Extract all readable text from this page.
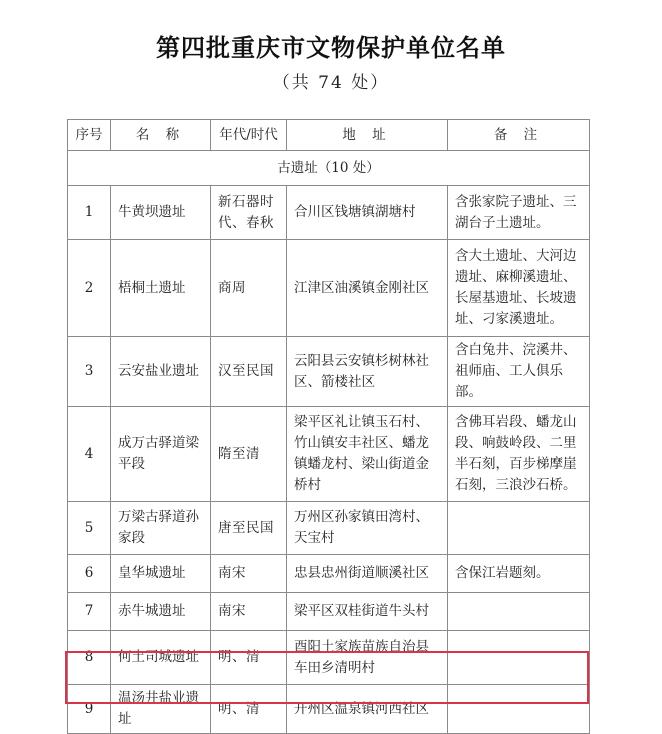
第四批重庆市文物保护单位名单
（共 74 处）
序号	名 称	年代/时代	地 址	备 注
古遗址（10 处）				
1	牛黄坝遗址	新石器时代、春秋	合川区钱塘镇湖塘村	含张家院子遗址、三湖台子土遗址。
2	梧桐土遗址	商周	江津区油溪镇金刚社区	含大土遗址、大河边遗址、麻柳溪遗址、长屋基遗址、长坡遗址、刁家溪遗址。
3	云安盐业遗址	汉至民国	云阳县云安镇杉树林社区、箭楼社区	含白兔井、浣溪井、祖师庙、工人俱乐部。
4	成万古驿道梁平段	隋至清	梁平区礼让镇玉石村、竹山镇安丰社区、蟠龙镇蟠龙村、梁山街道金桥村	含佛耳岩段、蟠龙山段、响鼓岭段、二里半石刻，百步梯摩崖石刻，三浪沙石桥。
5	万梁古驿道孙家段	唐至民国	万州区孙家镇田湾村、天宝村	
6	皇华城遗址	南宋	忠县忠州街道顺溪社区	含保江岩题刻。
7	赤牛城遗址	南宋	梁平区双桂街道牛头村	
8	何土司城遗址	明、清	酉阳土家族苗族自治县车田乡清明村	
9	温汤井盐业遗址	明、清	开州区温泉镇河西社区	
